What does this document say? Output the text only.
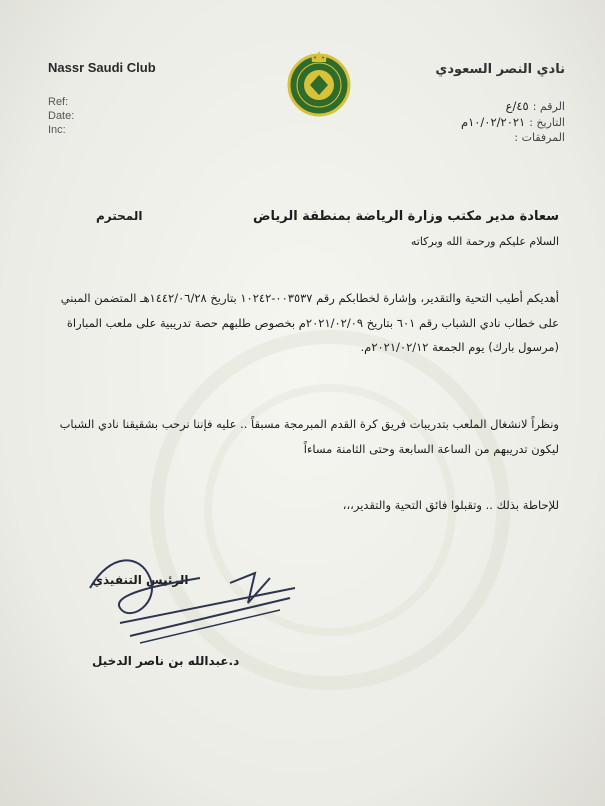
Nassr Saudi Club
Ref:
Date:
Inc:
نادي النصر السعودي
الرقم :٤٥/ع
التاريخ :١٠/٠٢/٢٠٢١م
المرفقات :
سعادة مدير مكتب وزارة الرياضة بمنطقة الرياض
المحترم
السلام عليكم ورحمة الله وبركاته
أهديكم أطيب التحية والتقدير، وإشارة لخطابكم رقم ٠٠٣٥٣٧-١٠٢٤٢ بتاريخ ١٤٤٢/٠٦/٢٨هـ المتضمن المبني على خطاب نادي الشباب رقم ٦٠١ بتاريخ ٢٠٢١/٠٢/٠٩م بخصوص طلبهم حصة تدريبية على ملعب المباراة (مرسول بارك) يوم الجمعة ٢٠٢١/٠٢/١٢م.
ونظراً لانشغال الملعب بتدريبات فريق كرة القدم المبرمجة مسبقاً .. عليه فإننا نرحب بشقيقنا نادي الشباب ليكون تدريبهم من الساعة السابعة وحتى الثامنة مساءاً
للإحاطة بذلك .. وتقبلوا فائق التحية والتقدير،،،
الرئيس التنفيذي
د.عبدالله بن ناصر الدخيل
